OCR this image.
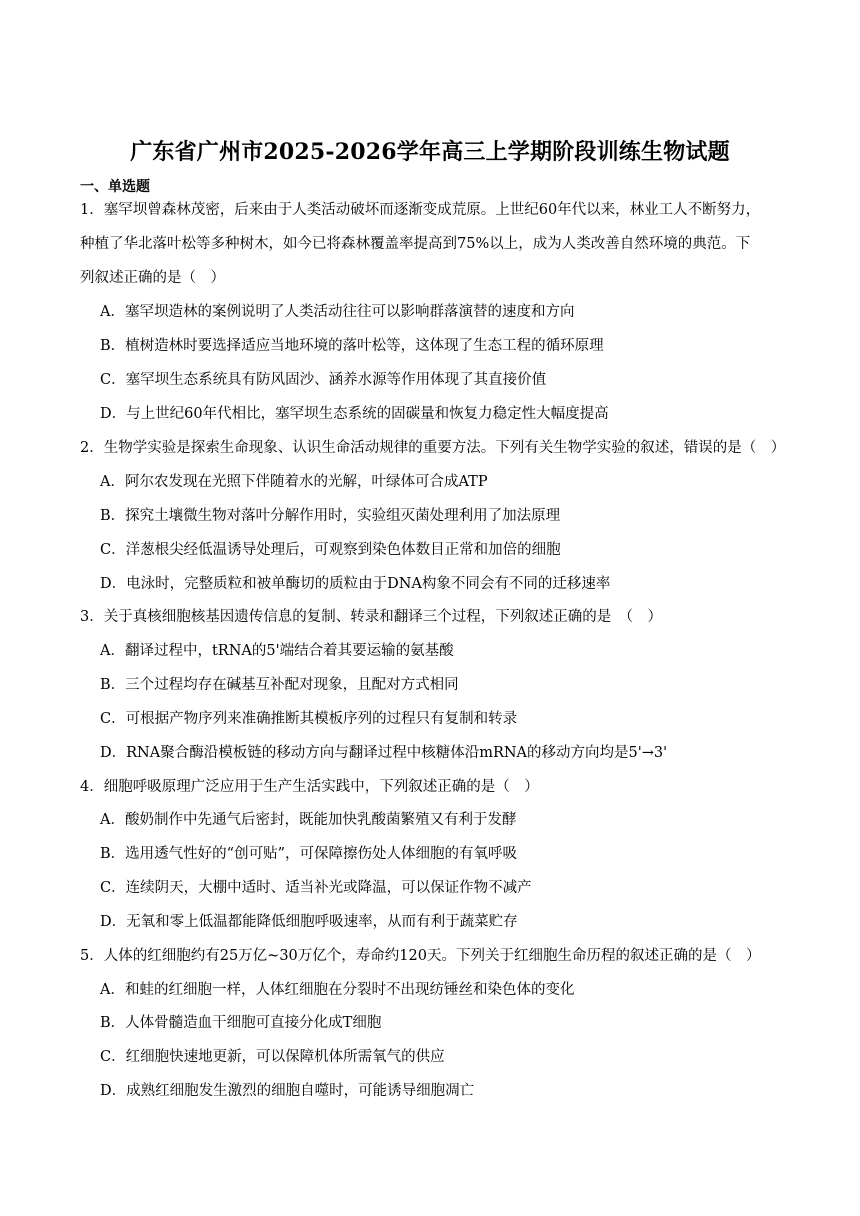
广东省广州市2025-2026学年高三上学期阶段训练生物试题
一、单选题
1．塞罕坝曾森林茂密，后来由于人类活动破坏而逐渐变成荒原。上世纪60年代以来，林业工人不断努力，
种植了华北落叶松等多种树木，如今已将森林覆盖率提高到75%以上，成为人类改善自然环境的典范。下
列叙述正确的是（　）
A．塞罕坝造林的案例说明了人类活动往往可以影响群落演替的速度和方向
B．植树造林时要选择适应当地环境的落叶松等，这体现了生态工程的循环原理
C．塞罕坝生态系统具有防风固沙、涵养水源等作用体现了其直接价值
D．与上世纪60年代相比，塞罕坝生态系统的固碳量和恢复力稳定性大幅度提高
2．生物学实验是探索生命现象、认识生命活动规律的重要方法。下列有关生物学实验的叙述，错误的是（　）
A．阿尔农发现在光照下伴随着水的光解，叶绿体可合成ATP
B．探究土壤微生物对落叶分解作用时，实验组灭菌处理利用了加法原理
C．洋葱根尖经低温诱导处理后，可观察到染色体数目正常和加倍的细胞
D．电泳时，完整质粒和被单酶切的质粒由于DNA构象不同会有不同的迁移速率
3．关于真核细胞核基因遗传信息的复制、转录和翻译三个过程，下列叙述正确的是　（　）
A．翻译过程中，tRNA的5'端结合着其要运输的氨基酸
B．三个过程均存在碱基互补配对现象，且配对方式相同
C．可根据产物序列来准确推断其模板序列的过程只有复制和转录
D．RNA聚合酶沿模板链的移动方向与翻译过程中核糖体沿mRNA的移动方向均是5'→3'
4．细胞呼吸原理广泛应用于生产生活实践中，下列叙述正确的是（　）
A．酸奶制作中先通气后密封，既能加快乳酸菌繁殖又有利于发酵
B．选用透气性好的“创可贴”，可保障擦伤处人体细胞的有氧呼吸
C．连续阴天，大棚中适时、适当补光或降温，可以保证作物不减产
D．无氧和零上低温都能降低细胞呼吸速率，从而有利于蔬菜贮存
5．人体的红细胞约有25万亿~30万亿个，寿命约120天。下列关于红细胞生命历程的叙述正确的是（　）
A．和蛙的红细胞一样，人体红细胞在分裂时不出现纺锤丝和染色体的变化
B．人体骨髓造血干细胞可直接分化成T细胞
C．红细胞快速地更新，可以保障机体所需氧气的供应
D．成熟红细胞发生激烈的细胞自噬时，可能诱导细胞凋亡
